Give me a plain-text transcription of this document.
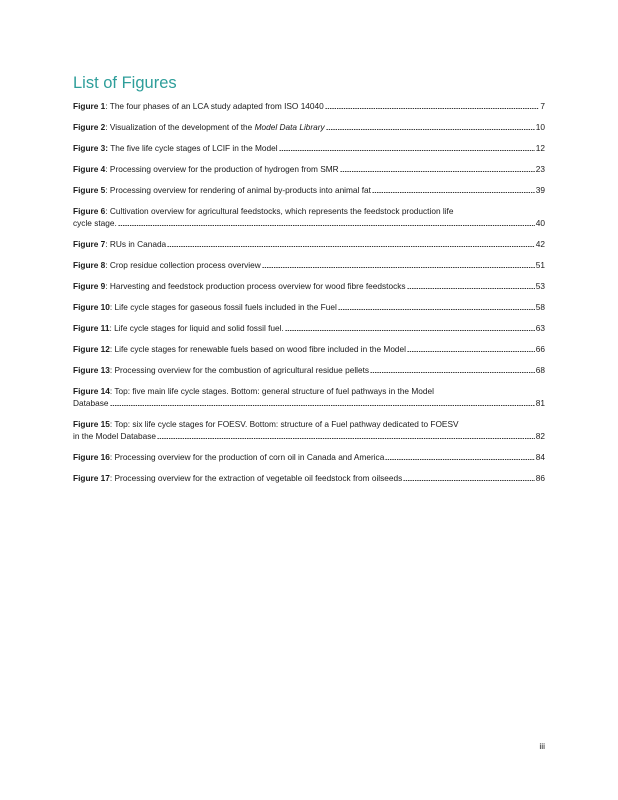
List of Figures
Figure 1: The four phases of an LCA study adapted from ISO 14040	7
Figure 2: Visualization of the development of the Model Data Library	10
Figure 3: The five life cycle stages of LCIF in the Model	12
Figure 4: Processing overview for the production of hydrogen from SMR	23
Figure 5: Processing overview for rendering of animal by-products into animal fat	39
Figure 6: Cultivation overview for agricultural feedstocks, which represents the feedstock production life
cycle stage.	40
Figure 7: RUs in Canada	42
Figure 8: Crop residue collection process overview	51
Figure 9: Harvesting and feedstock production process overview for wood fibre feedstocks	53
Figure 10: Life cycle stages for gaseous fossil fuels included in the Fuel	58
Figure 11: Life cycle stages for liquid and solid fossil fuel.	63
Figure 12: Life cycle stages for renewable fuels based on wood fibre included in the Model	66
Figure 13: Processing overview for the combustion of agricultural residue pellets	68
Figure 14: Top: five main life cycle stages. Bottom: general structure of fuel pathways in the Model
Database	81
Figure 15: Top: six life cycle stages for FOESV. Bottom: structure of a Fuel pathway dedicated to FOESV
in the Model Database	82
Figure 16: Processing overview for the production of corn oil in Canada and America	84
Figure 17: Processing overview for the extraction of vegetable oil feedstock from oilseeds	86
iii
